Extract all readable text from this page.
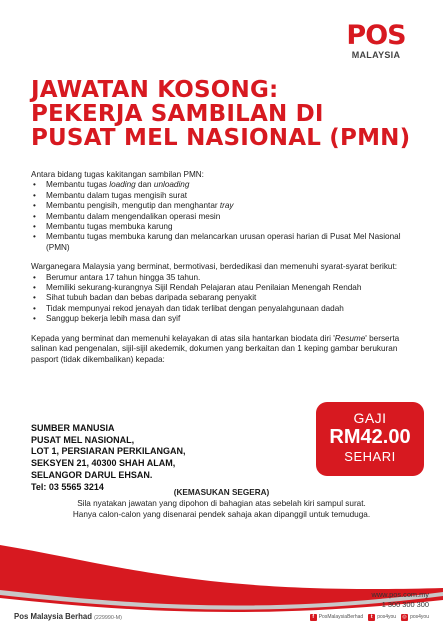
POS
MALAYSIA
JAWATAN KOSONG:
PEKERJA SAMBILAN DI
PUSAT MEL NASIONAL (PMN)

Antara bidang tugas kakitangan sambilan PMN:

• Membantu tugas loading dan unloading
• Membantu dalam tugas mengisih surat
• Membantu pengisih, mengutip dan menghantar tray
• Membantu dalam mengendalikan operasi mesin
• Membantu tugas membuka karung
• Membantu tugas membuka karung dan melancarkan urusan operasi harian di Pusat Mel Nasional (PMN)

Warganegara Malaysia yang berminat, bermotivasi, berdedikasi dan memenuhi syarat-syarat berikut:

• Berumur antara 17 tahun hingga 35 tahun.
• Memiliki sekurang-kurangnya Sijil Rendah Pelajaran atau Penilaian Menengah Rendah
• Sihat tubuh badan dan bebas daripada sebarang penyakit
• Tidak mempunyai rekod jenayah dan tidak terlibat dengan penyalahgunaan dadah
• Sanggup bekerja lebih masa dan syif

Kepada yang berminat dan memenuhi kelayakan di atas sila hantarkan biodata diri 'Resume' berserta salinan kad pengenalan, sijil-sijil akedemik, dokumen yang berkaitan dan 1 keping gambar berukuran pasport (tidak dikembalikan) kepada:

SUMBER MANUSIA
PUSAT MEL NASIONAL,
LOT 1, PERSIARAN PERKILANGAN,
SEKSYEN 21, 40300 SHAH ALAM,
SELANGOR DARUL EHSAN.
Tel: 03 5565 3214
GAJI
RM42.00
SEHARI
(KEMASUKAN SEGERA)
Sila nyatakan jawatan yang dipohon di bahagian atas sebelah kiri sampul surat.
Hanya calon-calon yang disenarai pendek sahaja akan dipanggil untuk temuduga.
Pos Malaysia Berhad (229990-M)
www.pos.com.my
1 300 300 300
f PosMalaysiaBerhad	t pos4you ◎ pos4you
